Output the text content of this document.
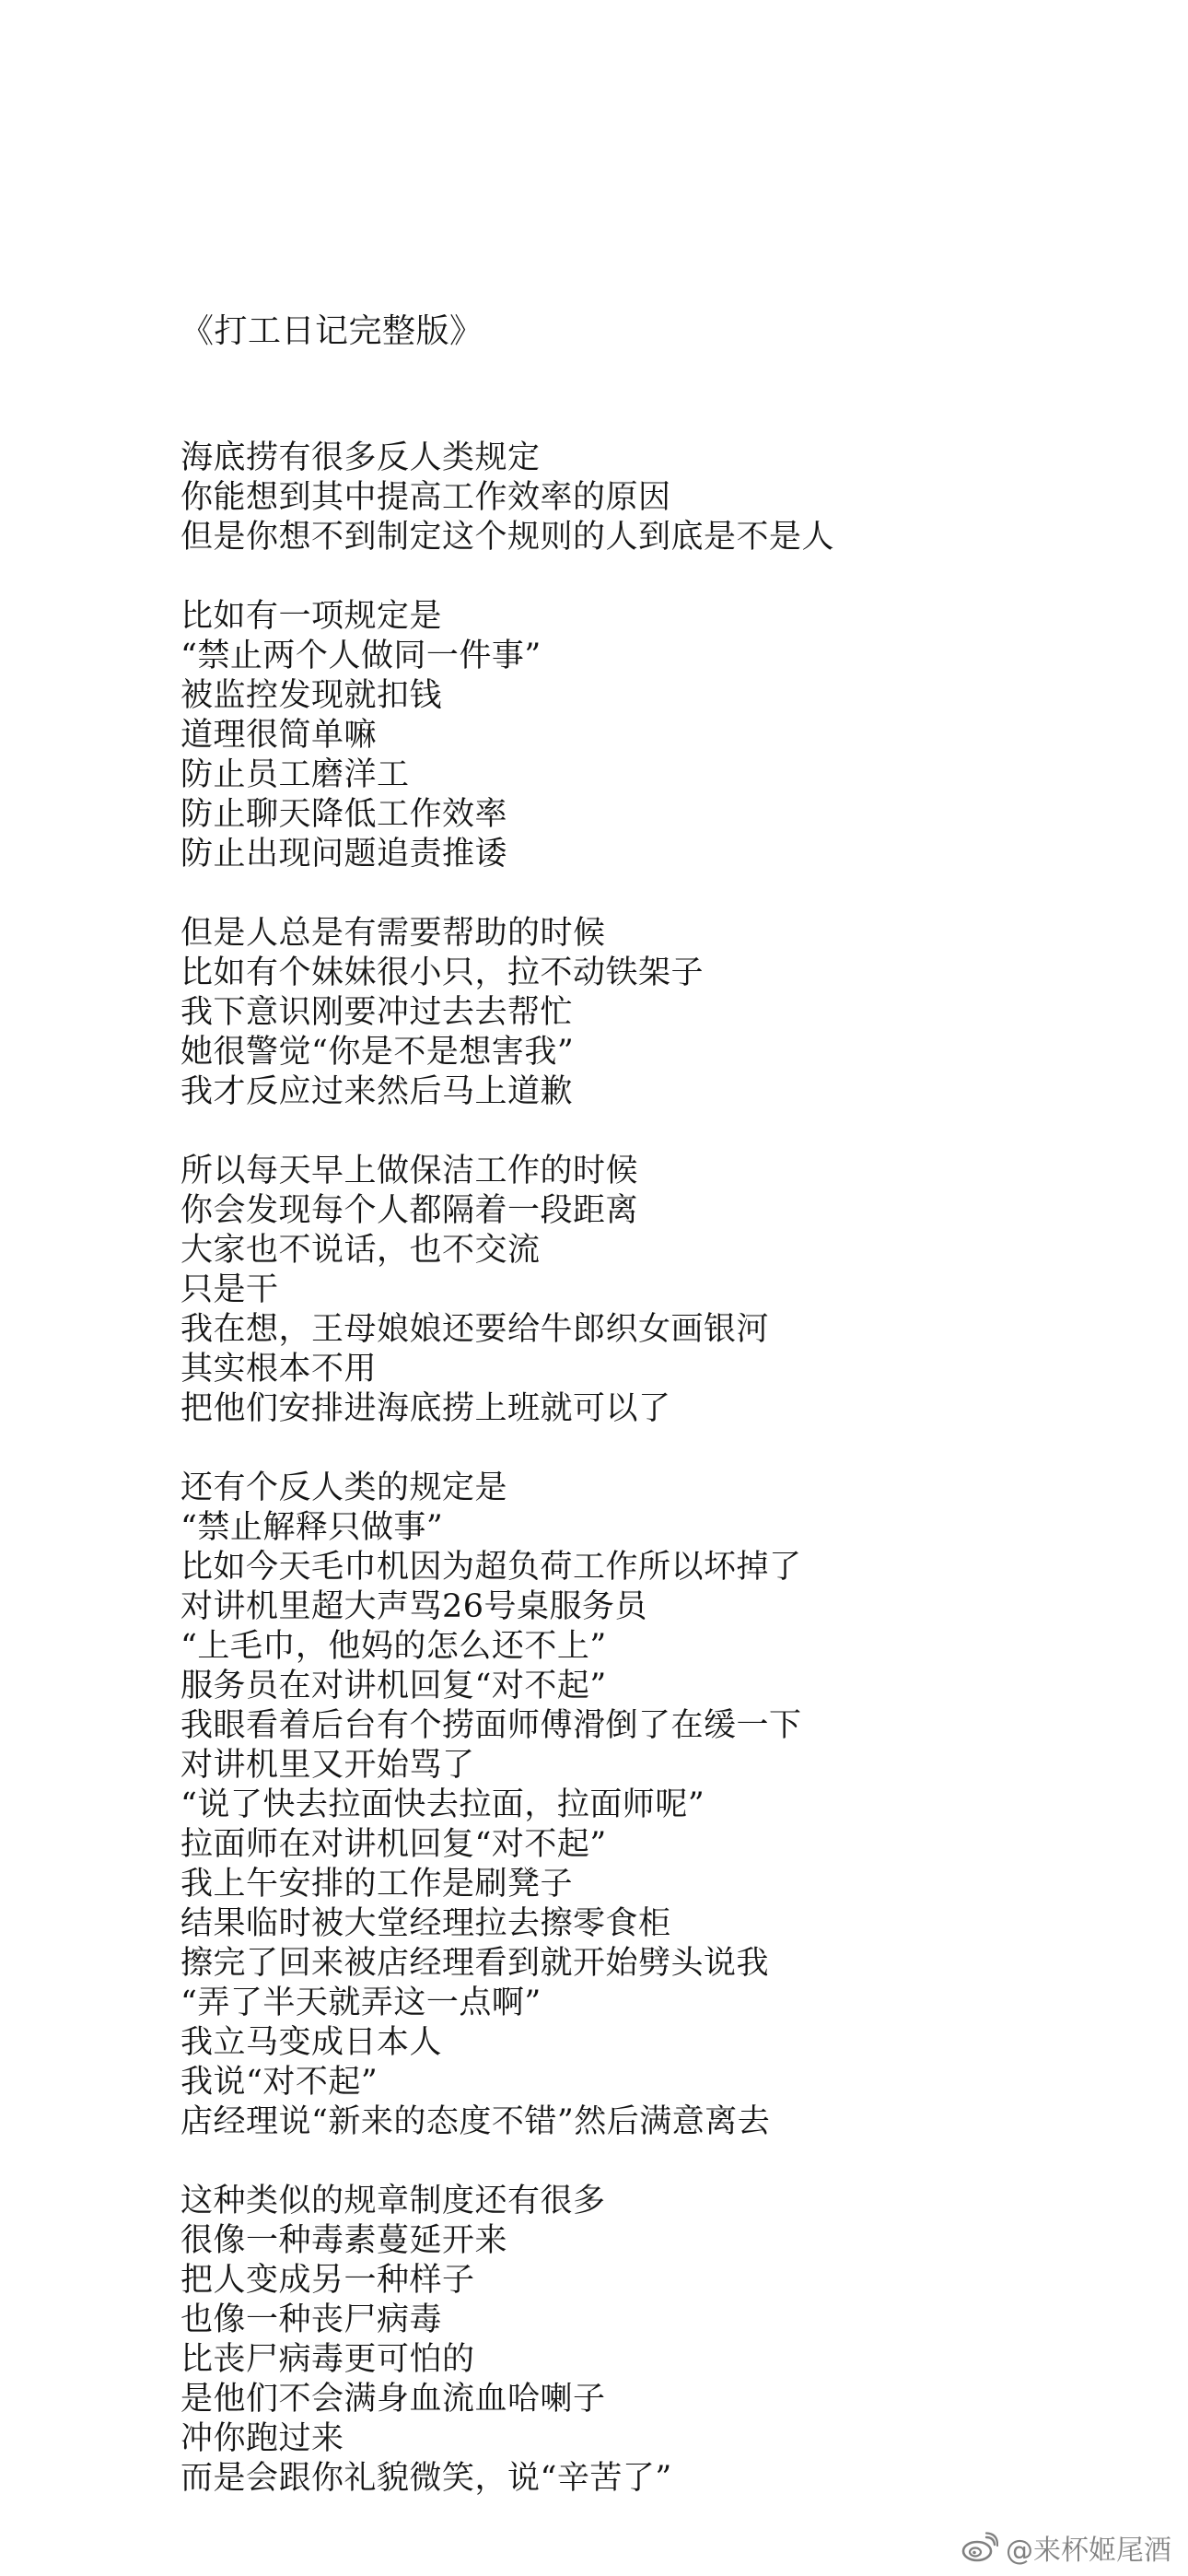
《打工日记完整版》
海底捞有很多反人类规定
你能想到其中提高工作效率的原因
但是你想不到制定这个规则的人到底是不是人
比如有一项规定是
“禁止两个人做同一件事”
被监控发现就扣钱
道理很简单嘛
防止员工磨洋工
防止聊天降低工作效率
防止出现问题追责推诿
但是人总是有需要帮助的时候
比如有个妹妹很小只，拉不动铁架子
我下意识刚要冲过去去帮忙
她很警觉“你是不是想害我”
我才反应过来然后马上道歉
所以每天早上做保洁工作的时候
你会发现每个人都隔着一段距离
大家也不说话，也不交流
只是干
我在想，王母娘娘还要给牛郎织女画银河
其实根本不用
把他们安排进海底捞上班就可以了
还有个反人类的规定是
“禁止解释只做事”
比如今天毛巾机因为超负荷工作所以坏掉了
对讲机里超大声骂26号桌服务员
“上毛巾，他妈的怎么还不上”
服务员在对讲机回复“对不起”
我眼看着后台有个捞面师傅滑倒了在缓一下
对讲机里又开始骂了
“说了快去拉面快去拉面，拉面师呢”
拉面师在对讲机回复“对不起”
我上午安排的工作是刷凳子
结果临时被大堂经理拉去擦零食柜
擦完了回来被店经理看到就开始劈头说我
“弄了半天就弄这一点啊”
我立马变成日本人
我说“对不起”
店经理说“新来的态度不错”然后满意离去
这种类似的规章制度还有很多
很像一种毒素蔓延开来
把人变成另一种样子
也像一种丧尸病毒
比丧尸病毒更可怕的
是他们不会满身血流血哈喇子
冲你跑过来
而是会跟你礼貌微笑，说“辛苦了”
@来杯姬尾酒
